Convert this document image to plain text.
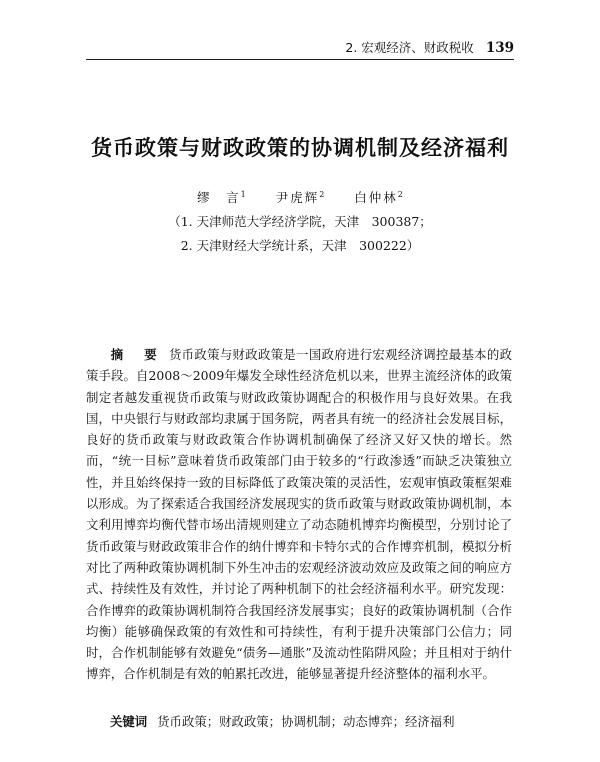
2. 宏观经济、财政税收 139
货币政策与财政政策的协调机制及经济福利
缪　言$^1$ 尹虎辉$^2$ 白仲林$^2$
（1. 天津师范大学经济学院，天津　300387；
2. 天津财经大学统计系，天津　300222）
摘　要 货币政策与财政政策是一国政府进行宏观经济调控最基本的政策手段。自2008～2009年爆发全球性经济危机以来，世界主流经济体的政策制定者越发重视货币政策与财政政策协调配合的积极作用与良好效果。在我国，中央银行与财政部均隶属于国务院，两者具有统一的经济社会发展目标，良好的货币政策与财政政策合作协调机制确保了经济又好又快的增长。然而，“统一目标”意味着货币政策部门由于较多的“行政渗透”而缺乏决策独立性，并且始终保持一致的目标降低了政策决策的灵活性，宏观审慎政策框架难以形成。为了探索适合我国经济发展现实的货币政策与财政政策协调机制，本文利用博弈均衡代替市场出清规则建立了动态随机博弈均衡模型，分别讨论了货币政策与财政政策非合作的纳什博弈和卡特尔式的合作博弈机制，模拟分析对比了两种政策协调机制下外生冲击的宏观经济波动效应及政策之间的响应方式、持续性及有效性，并讨论了两种机制下的社会经济福利水平。研究发现：合作博弈的政策协调机制符合我国经济发展事实；良好的政策协调机制（合作均衡）能够确保政策的有效性和可持续性，有利于提升决策部门公信力；同时，合作机制能够有效避免“债务—通胀”及流动性陷阱风险；并且相对于纳什博弈，合作机制是有效的帕累托改进，能够显著提升经济整体的福利水平。
关键词 货币政策；财政政策；协调机制；动态博弈；经济福利
